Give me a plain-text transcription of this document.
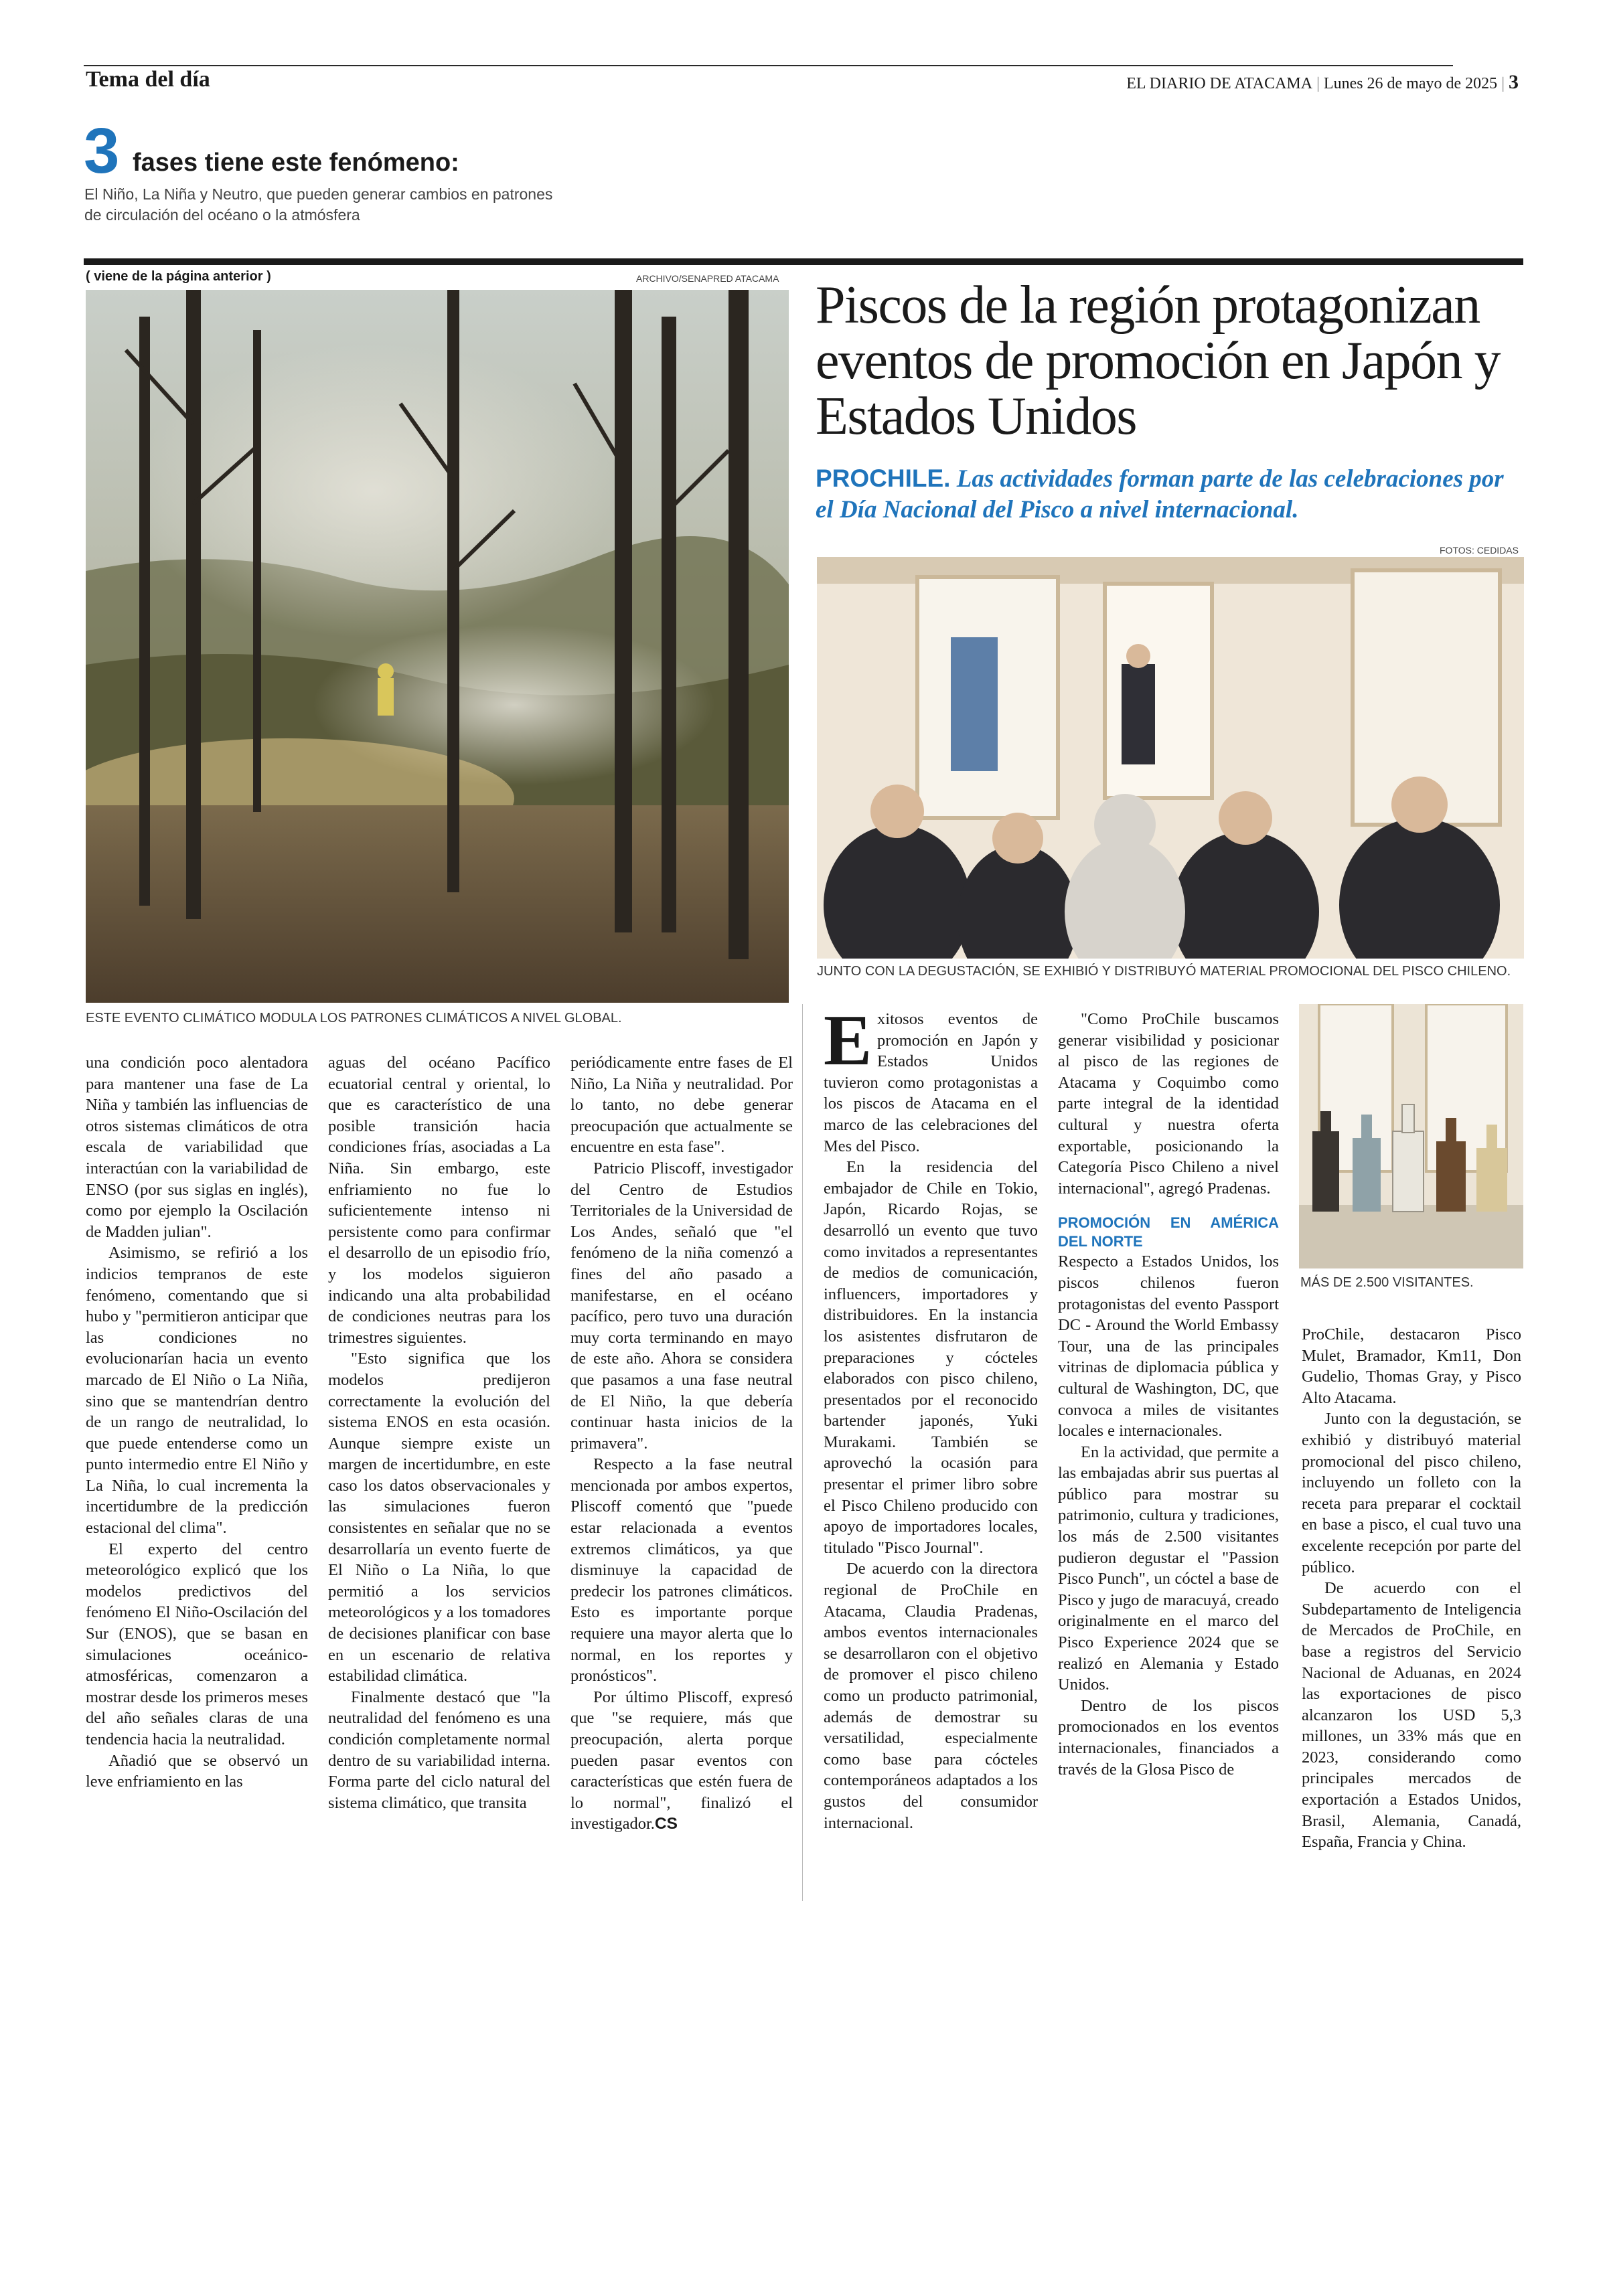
Tema del día	EL DIARIO DE ATACAMA | Lunes 26 de mayo de 2025 | 3
3 fases tiene este fenómeno:
El Niño, La Niña y Neutro, que pueden generar cambios en patrones de circulación del océano o la atmósfera
( viene de la página anterior )	ARCHIVO/SENAPRED ATACAMA
ESTE EVENTO CLIMÁTICO MODULA LOS PATRONES CLIMÁTICOS A NIVEL GLOBAL.

una condición poco alentadora para mantener una fase de La Niña y también las influencias de otros sistemas climáticos de otra escala de variabilidad que interactúan con la variabilidad de ENSO (por sus siglas en inglés), como por ejemplo la Oscilación de Madden julian".

Asimismo, se refirió a los indicios tempranos de este fenómeno, comentando que si hubo y "permitieron anticipar que las condiciones no evolucionarían hacia un evento marcado de El Niño o La Niña, sino que se mantendrían dentro de un rango de neutralidad, lo que puede entenderse como un punto intermedio entre El Niño y La Niña, lo cual incrementa la incertidumbre de la predicción estacional del clima".

El experto del centro meteorológico explicó que los modelos predictivos del fenómeno El Niño-Oscilación del Sur (ENOS), que se basan en simulaciones oceánico-atmosféricas, comenzaron a mostrar desde los primeros meses del año señales claras de una tendencia hacia la neutralidad.

Añadió que se observó un leve enfriamiento en las

aguas del océano Pacífico ecuatorial central y oriental, lo que es característico de una posible transición hacia condiciones frías, asociadas a La Niña. Sin embargo, este enfriamiento no fue lo suficientemente intenso ni persistente como para confirmar el desarrollo de un episodio frío, y los modelos siguieron indicando una alta probabilidad de condiciones neutras para los trimestres siguientes.

"Esto significa que los modelos predijeron correctamente la evolución del sistema ENOS en esta ocasión. Aunque siempre existe un margen de incertidumbre, en este caso los datos observacionales y las simulaciones fueron consistentes en señalar que no se desarrollaría un evento fuerte de El Niño o La Niña, lo que permitió a los servicios meteorológicos y a los tomadores de decisiones planificar con base en un escenario de relativa estabilidad climática.

Finalmente destacó que "la neutralidad del fenómeno es una condición completamente normal dentro de su variabilidad interna. Forma parte del ciclo natural del sistema climático, que transita

periódicamente entre fases de El Niño, La Niña y neutralidad. Por lo tanto, no debe generar preocupación que actualmente se encuentre en esta fase".

Patricio Pliscoff, investigador del Centro de Estudios Territoriales de la Universidad de Los Andes, señaló que "el fenómeno de la niña comenzó a fines del año pasado a manifestarse, en el océano pacífico, pero tuvo una duración muy corta terminando en mayo de este año. Ahora se considera que pasamos a una fase neutral de El Niño, la que debería continuar hasta inicios de la primavera".

Respecto a la fase neutral mencionada por ambos expertos, Pliscoff comentó que "puede estar relacionada a eventos extremos climáticos, ya que disminuye la capacidad de predecir los patrones climáticos. Esto es importante porque requiere una mayor alerta que lo normal, en los reportes y pronósticos".

Por último Pliscoff, expresó que "se requiere, más que preocupación, alerta porque pueden pasar eventos con características que estén fuera de lo normal", finalizó el investigador.CS

Piscos de la región protagonizan eventos de promoción en Japón y Estados Unidos
PROCHILE. Las actividades forman parte de las celebraciones por el Día Nacional del Pisco a nivel internacional.
FOTOS: CEDIDAS
JUNTO CON LA DEGUSTACIÓN, SE EXHIBIÓ Y DISTRIBUYÓ MATERIAL PROMOCIONAL DEL PISCO CHILENO.
MÁS DE 2.500 VISITANTES.

Exitosos eventos de promoción en Japón y Estados Unidos tuvieron como protagonistas a los piscos de Atacama en el marco de las celebraciones del Mes del Pisco.

En la residencia del embajador de Chile en Tokio, Japón, Ricardo Rojas, se desarrolló un evento que tuvo como invitados a representantes de medios de comunicación, influencers, importadores y distribuidores. En la instancia los asistentes disfrutaron de preparaciones y cócteles elaborados con pisco chileno, presentados por el reconocido bartender japonés, Yuki Murakami. También se aprovechó la ocasión para presentar el primer libro sobre el Pisco Chileno producido con apoyo de importadores locales, titulado "Pisco Journal".

De acuerdo con la directora regional de ProChile en Atacama, Claudia Pradenas, ambos eventos internacionales se desarrollaron con el objetivo de promover el pisco chileno como un producto patrimonial, además de demostrar su versatilidad, especialmente como base para cócteles contemporáneos adaptados a los gustos del consumidor internacional.

"Como ProChile buscamos generar visibilidad y posicionar al pisco de las regiones de Atacama y Coquimbo como parte integral de la identidad cultural y nuestra oferta exportable, posicionando la Categoría Pisco Chileno a nivel internacional", agregó Pradenas.

PROMOCIÓN EN AMÉRICA DEL NORTE

Respecto a Estados Unidos, los piscos chilenos fueron protagonistas del evento Passport DC - Around the World Embassy Tour, una de las principales vitrinas de diplomacia pública y cultural de Washington, DC, que convoca a miles de visitantes locales e internacionales.

En la actividad, que permite a las embajadas abrir sus puertas al público para mostrar su patrimonio, cultura y tradiciones, los más de 2.500 visitantes pudieron degustar el "Passion Pisco Punch", un cóctel a base de Pisco y jugo de maracuyá, creado originalmente en el marco del Pisco Experience 2024 que se realizó en Alemania y Estado Unidos.

Dentro de los piscos promocionados en los eventos internacionales, financiados a través de la Glosa Pisco de

ProChile, destacaron Pisco Mulet, Bramador, Km11, Don Gudelio, Thomas Gray, y Pisco Alto Atacama.

Junto con la degustación, se exhibió y distribuyó material promocional del pisco chileno, incluyendo un folleto con la receta para preparar el cocktail en base a pisco, el cual tuvo una excelente recepción por parte del público.

De acuerdo con el Subdepartamento de Inteligencia de Mercados de ProChile, en base a registros del Servicio Nacional de Aduanas, en 2024 las exportaciones de pisco alcanzaron los USD 5,3 millones, un 33% más que en 2023, considerando como principales mercados de exportación a Estados Unidos, Brasil, Alemania, Canadá, España, Francia y China.
